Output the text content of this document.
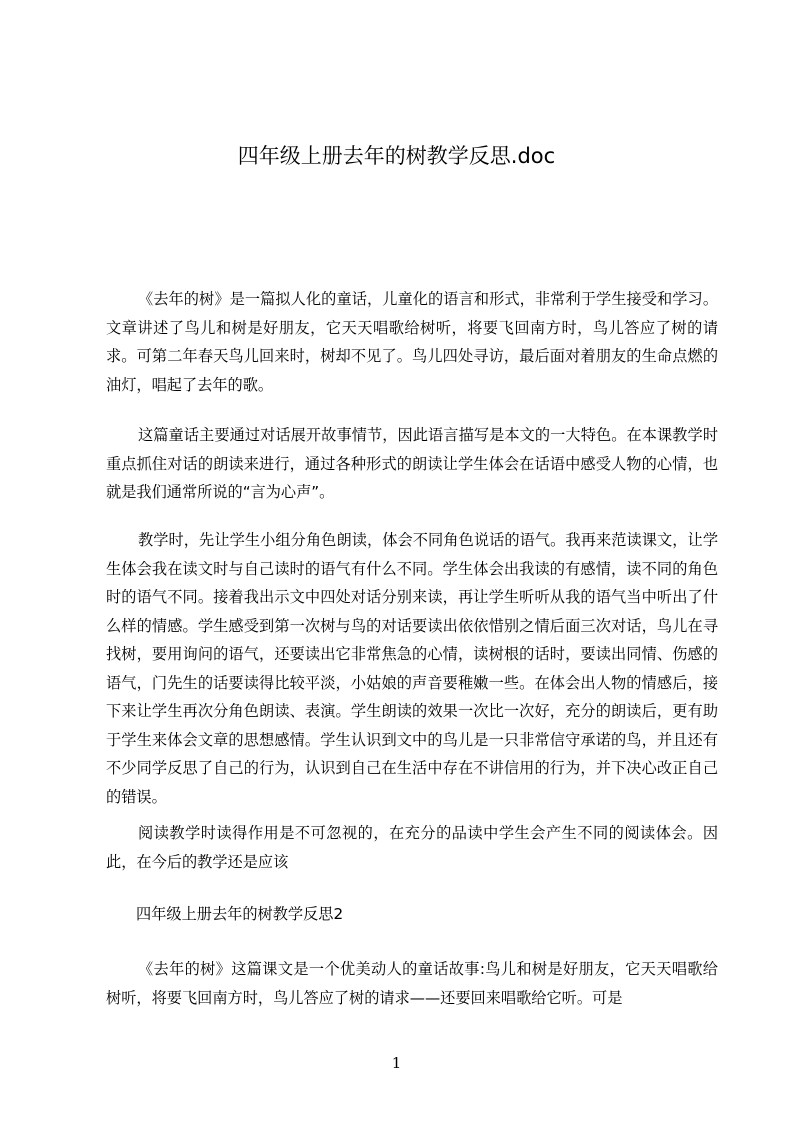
四年级上册去年的树教学反思.doc

《去年的树》是一篇拟人化的童话，儿童化的语言和形式，非常利于学生接受和学习。文章讲述了鸟儿和树是好朋友，它天天唱歌给树听，将要飞回南方时，鸟儿答应了树的请求。可第二年春天鸟儿回来时，树却不见了。鸟儿四处寻访，最后面对着朋友的生命点燃的油灯，唱起了去年的歌。

这篇童话主要通过对话展开故事情节，因此语言描写是本文的一大特色。在本课教学时重点抓住对话的朗读来进行，通过各种形式的朗读让学生体会在话语中感受人物的心情，也就是我们通常所说的“言为心声”。

教学时，先让学生小组分角色朗读，体会不同角色说话的语气。我再来范读课文，让学生体会我在读文时与自己读时的语气有什么不同。学生体会出我读的有感情，读不同的角色时的语气不同。接着我出示文中四处对话分别来读，再让学生听听从我的语气当中听出了什么样的情感。学生感受到第一次树与鸟的对话要读出依依惜别之情后面三次对话，鸟儿在寻找树，要用询问的语气，还要读出它非常焦急的心情，读树根的话时，要读出同情、伤感的语气，门先生的话要读得比较平淡，小姑娘的声音要稚嫩一些。在体会出人物的情感后，接下来让学生再次分角色朗读、表演。学生朗读的效果一次比一次好，充分的朗读后，更有助于学生来体会文章的思想感情。学生认识到文中的鸟儿是一只非常信守承诺的鸟，并且还有不少同学反思了自己的行为，认识到自己在生活中存在不讲信用的行为，并下决心改正自己的错误。

阅读教学时读得作用是不可忽视的，在充分的品读中学生会产生不同的阅读体会。因此，在今后的教学还是应该

四年级上册去年的树教学反思2

《去年的树》这篇课文是一个优美动人的童话故事:鸟儿和树是好朋友，它天天唱歌给树听，将要飞回南方时，鸟儿答应了树的请求——还要回来唱歌给它听。可是

1
